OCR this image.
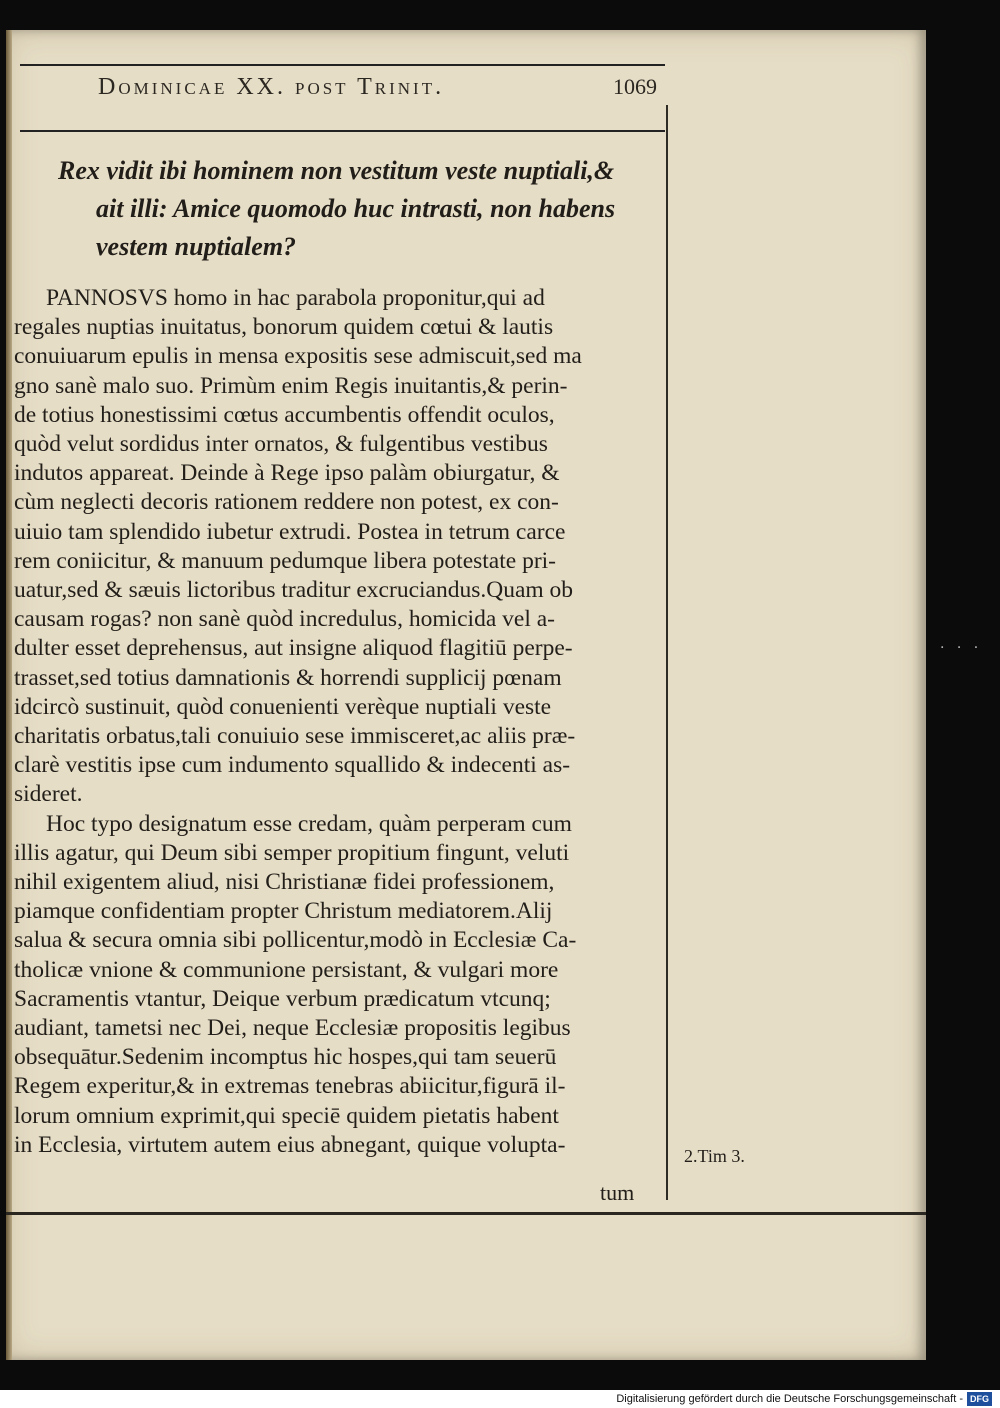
Dominicae XX. post Trinit.	1069
Rex vidit ibi hominem non vestitum veste nuptiali,&
ait illi: Amice quomodo huc intrasti, non habens
vestem nuptialem?
PANNOSVS homo in hac parabola proponitur,qui ad
regales nuptias inuitatus, bonorum quidem cœtui & lautis
conuiuarum epulis in mensa expositis sese admiscuit,sed ma
gno sanè malo suo. Primùm enim Regis inuitantis,& perin-
de totius honestissimi cœtus accumbentis offendit oculos,
quòd velut sordidus inter ornatos, & fulgentibus vestibus
indutos appareat. Deinde à Rege ipso palàm obiurgatur, &
cùm neglecti decoris rationem reddere non potest, ex con-
uiuio tam splendido iubetur extrudi. Postea in tetrum carce
rem coniicitur, & manuum pedumque libera potestate pri-
uatur,sed & sæuis lictoribus traditur excruciandus.Quam ob
causam rogas? non sanè quòd incredulus, homicida vel a-
dulter esset deprehensus, aut insigne aliquod flagitiū perpe-
trasset,sed totius damnationis & horrendi supplicij pœnam
idcircò sustinuit, quòd conuenienti verèque nuptiali veste
charitatis orbatus,tali conuiuio sese immisceret,ac aliis præ-
clarè vestitis ipse cum indumento squallido & indecenti as-
sideret.
Hoc typo designatum esse credam, quàm perperam cum
illis agatur, qui Deum sibi semper propitium fingunt, veluti
nihil exigentem aliud, nisi Christianæ fidei professionem,
piamque confidentiam propter Christum mediatorem.Alij
salua & secura omnia sibi pollicentur,modò in Ecclesiæ Ca-
tholicæ vnione & communione persistant, & vulgari more
Sacramentis vtantur, Deique verbum prædicatum vtcunq;
audiant, tametsi nec Dei, neque Ecclesiæ propositis legibus
obsequātur.Sedenim incomptus hic hospes,qui tam seuerū
Regem experitur,& in extremas tenebras abiicitur,figurā il-
lorum omnium exprimit,qui speciē quidem pietatis habent
in Ecclesia, virtutem autem eius abnegant, quique volupta-	2.Tim 3.
tum
· · ·
Digitalisierung gefördert durch die Deutsche Forschungsgemeinschaft - DFG
